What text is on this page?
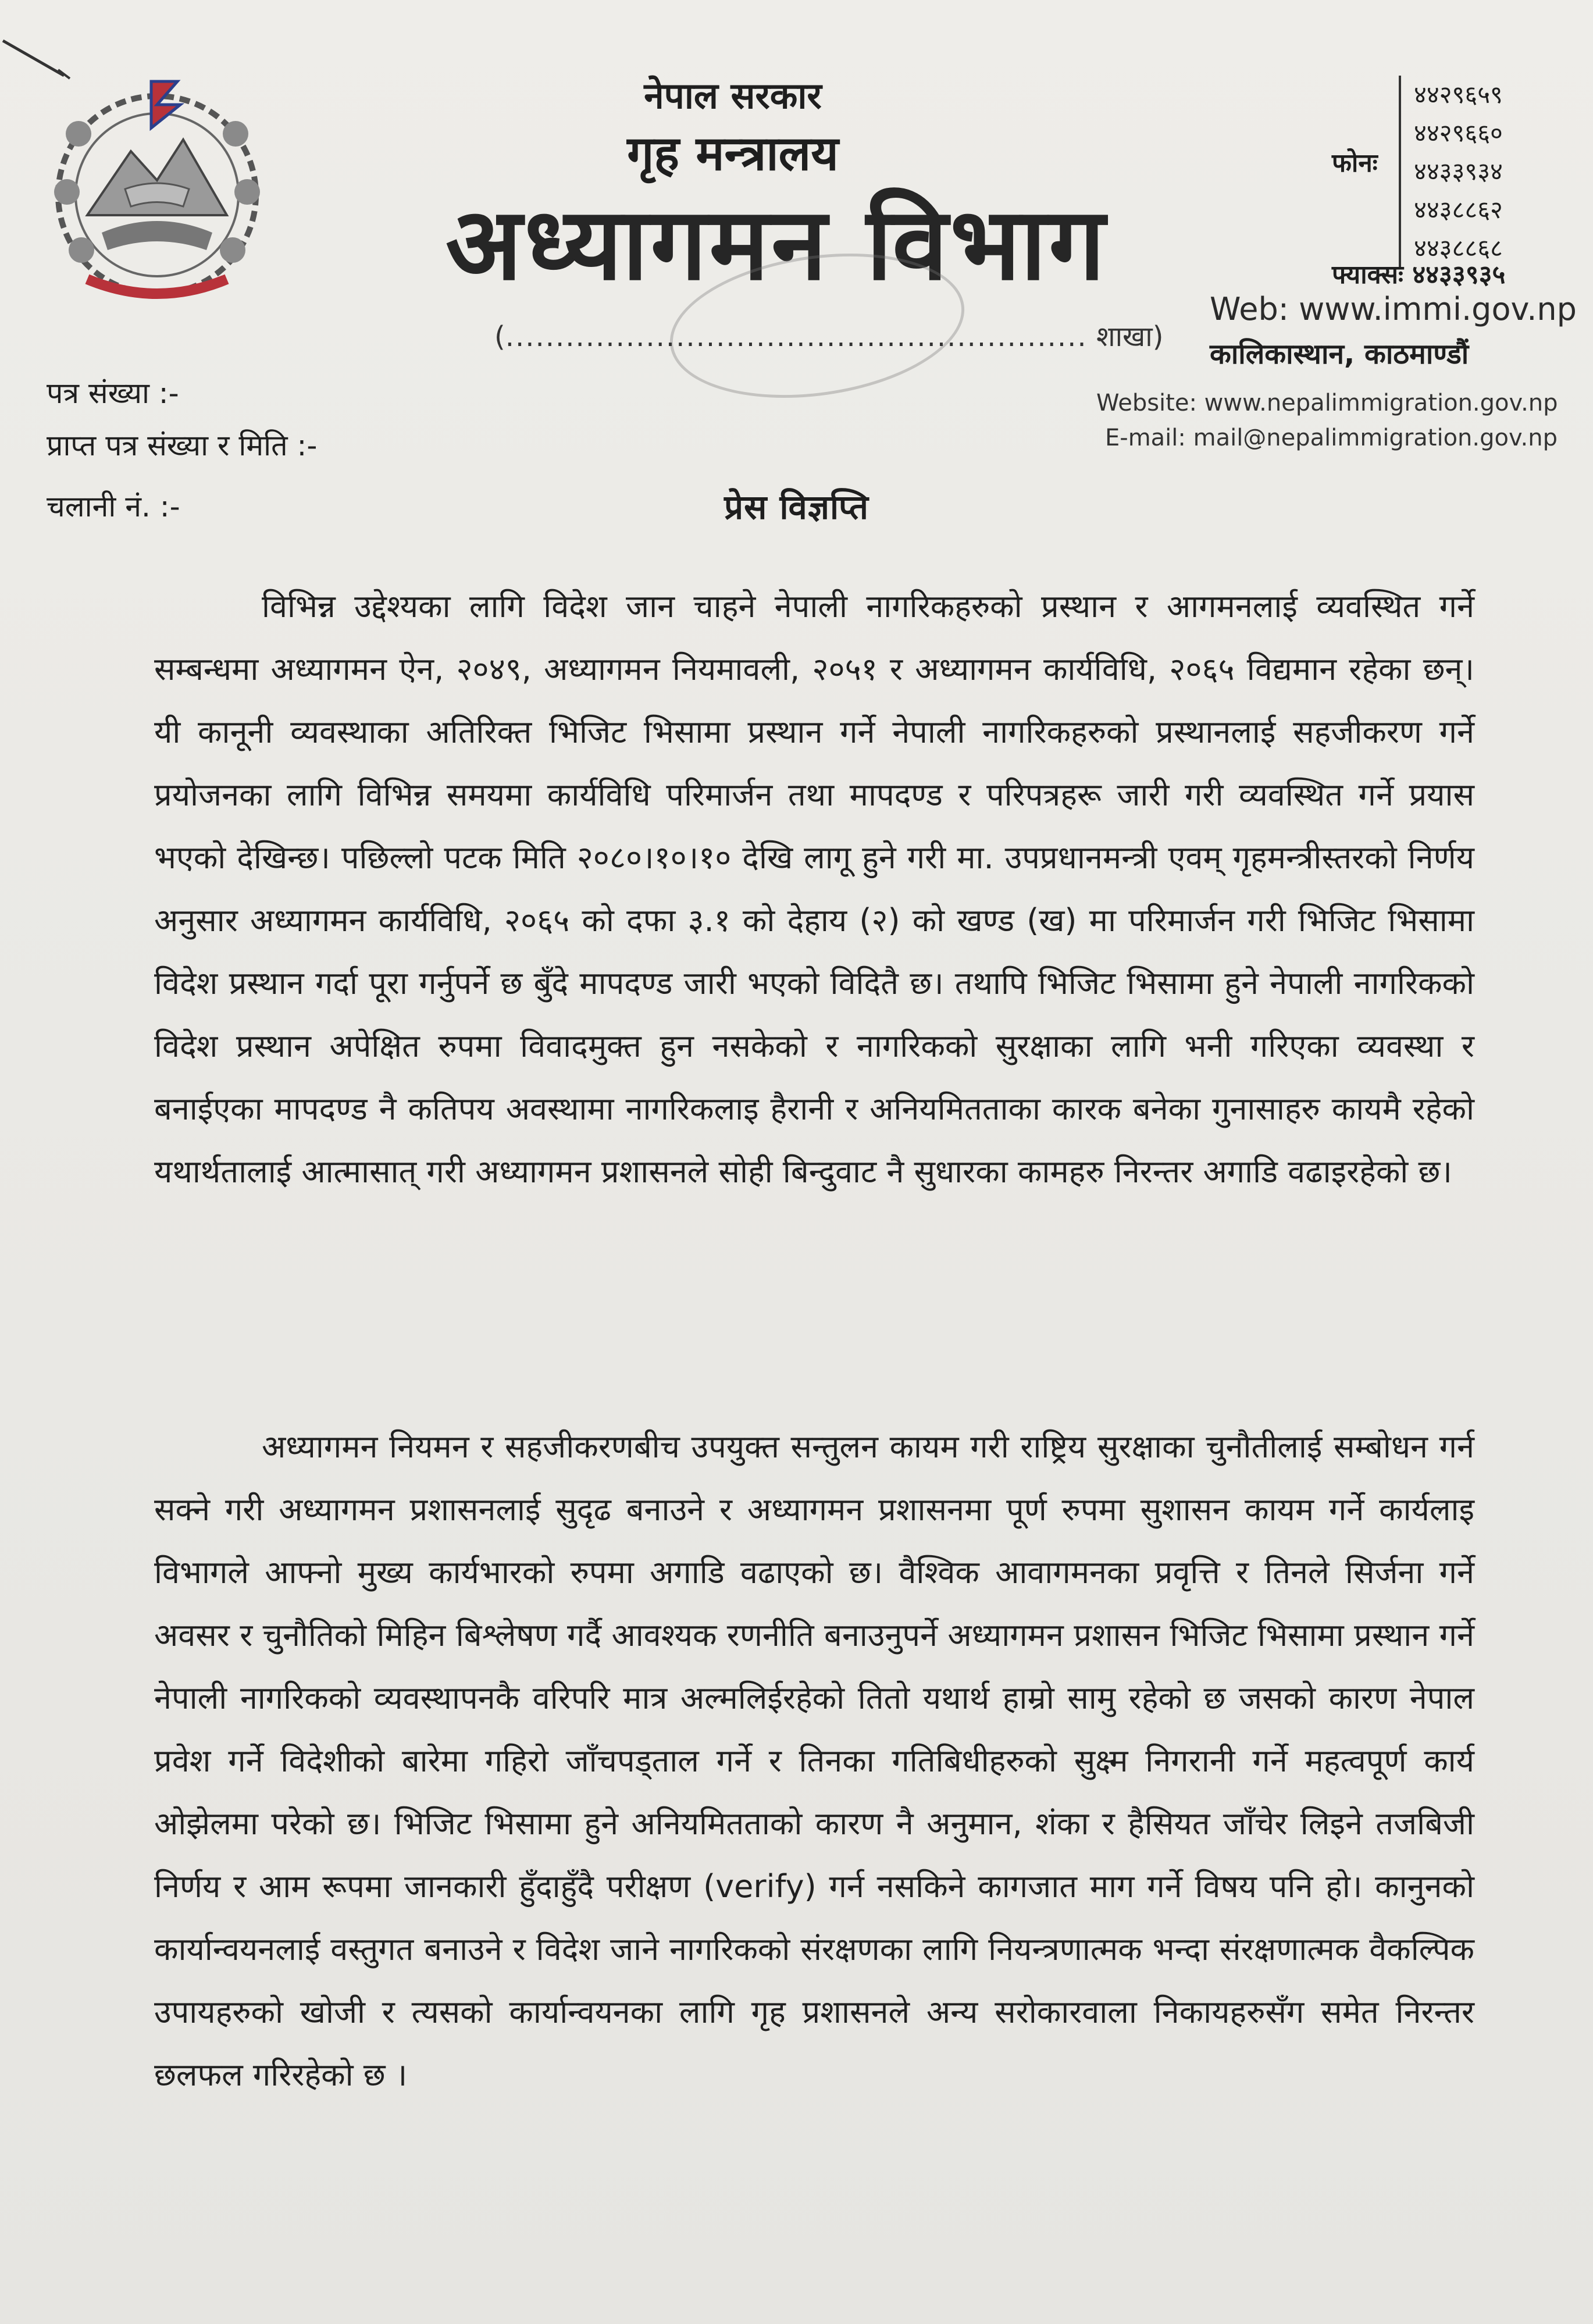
नेपाल सरकार
गृह मन्त्रालय
अध्यागमन विभाग
(.......................................................... शाखा)
फोनः
४४२९६५९
४४२९६६०
४४३३९३४
४४३८८६२
४४३८८६८
फ्याक्सः ४४३३९३५
Web: www.immi.gov.np
कालिकास्थान, काठमाण्डौं
Website: www.nepalimmigration.gov.np
E-mail: mail@nepalimmigration.gov.np
पत्र संख्या :-
प्राप्त पत्र संख्या र मिति :-
चलानी नं. :-	प्रेस विज्ञप्ति

विभिन्न उद्देश्यका लागि विदेश जान चाहने नेपाली नागरिकहरुको प्रस्थान र आगमनलाई व्यवस्थित गर्ने सम्बन्धमा अध्यागमन ऐन, २०४९, अध्यागमन नियमावली, २०५१ र अध्यागमन कार्यविधि, २०६५ विद्यमान रहेका छन्। यी कानूनी व्यवस्थाका अतिरिक्त भिजिट भिसामा प्रस्थान गर्ने नेपाली नागरिकहरुको प्रस्थानलाई सहजीकरण गर्ने प्रयोजनका लागि विभिन्न समयमा कार्यविधि परिमार्जन तथा मापदण्ड र परिपत्रहरू जारी गरी व्यवस्थित गर्ने प्रयास भएको देखिन्छ। पछिल्लो पटक मिति २०८०।१०।१० देखि लागू हुने गरी मा. उपप्रधानमन्त्री एवम् गृहमन्त्रीस्तरको निर्णय अनुसार अध्यागमन कार्यविधि, २०६५ को दफा ३.१ को देहाय (२) को खण्ड (ख) मा परिमार्जन गरी भिजिट भिसामा विदेश प्रस्थान गर्दा पूरा गर्नुपर्ने छ बुँदे मापदण्ड जारी भएको विदितै छ। तथापि भिजिट भिसामा हुने नेपाली नागरिकको विदेश प्रस्थान अपेक्षित रुपमा विवादमुक्त हुन नसकेको र नागरिकको सुरक्षाका लागि भनी गरिएका व्यवस्था र बनाईएका मापदण्ड नै कतिपय अवस्थामा नागरिकलाइ हैरानी र अनियमितताका कारक बनेका गुनासाहरु कायमै रहेको यथार्थतालाई आत्मासात् गरी अध्यागमन प्रशासनले सोही बिन्दुवाट नै सुधारका कामहरु निरन्तर अगाडि वढाइरहेको छ।

अध्यागमन नियमन र सहजीकरणबीच उपयुक्त सन्तुलन कायम गरी राष्ट्रिय सुरक्षाका चुनौतीलाई सम्बोधन गर्न सक्ने गरी अध्यागमन प्रशासनलाई सुदृढ बनाउने र अध्यागमन प्रशासनमा पूर्ण रुपमा सुशासन कायम गर्ने कार्यलाइ विभागले आफ्नो मुख्य कार्यभारको रुपमा अगाडि वढाएको छ। वैश्विक आवागमनका प्रवृत्ति र तिनले सिर्जना गर्ने अवसर र चुनौतिको मिहिन बिश्लेषण गर्दै आवश्यक रणनीति बनाउनुपर्ने अध्यागमन प्रशासन भिजिट भिसामा प्रस्थान गर्ने नेपाली नागरिकको व्यवस्थापनकै वरिपरि मात्र अल्मलिईरहेको तितो यथार्थ हाम्रो सामु रहेको छ जसको कारण नेपाल प्रवेश गर्ने विदेशीको बारेमा गहिरो जाँचपड्ताल गर्ने र तिनका गतिबिधीहरुको सुक्ष्म निगरानी गर्ने महत्वपूर्ण कार्य ओझेलमा परेको छ। भिजिट भिसामा हुने अनियमितताको कारण नै अनुमान, शंका र हैसियत जाँचेर लिइने तजबिजी निर्णय र आम रूपमा जानकारी हुँदाहुँदै परीक्षण (verify) गर्न नसकिने कागजात माग गर्ने विषय पनि हो। कानुनको कार्यान्वयनलाई वस्तुगत बनाउने र विदेश जाने नागरिकको संरक्षणका लागि नियन्त्रणात्मक भन्दा संरक्षणात्मक वैकल्पिक उपायहरुको खोजी र त्यसको कार्यान्वयनका लागि गृह प्रशासनले अन्य सरोकारवाला निकायहरुसँग समेत निरन्तर छलफल गरिरहेको छ ।
